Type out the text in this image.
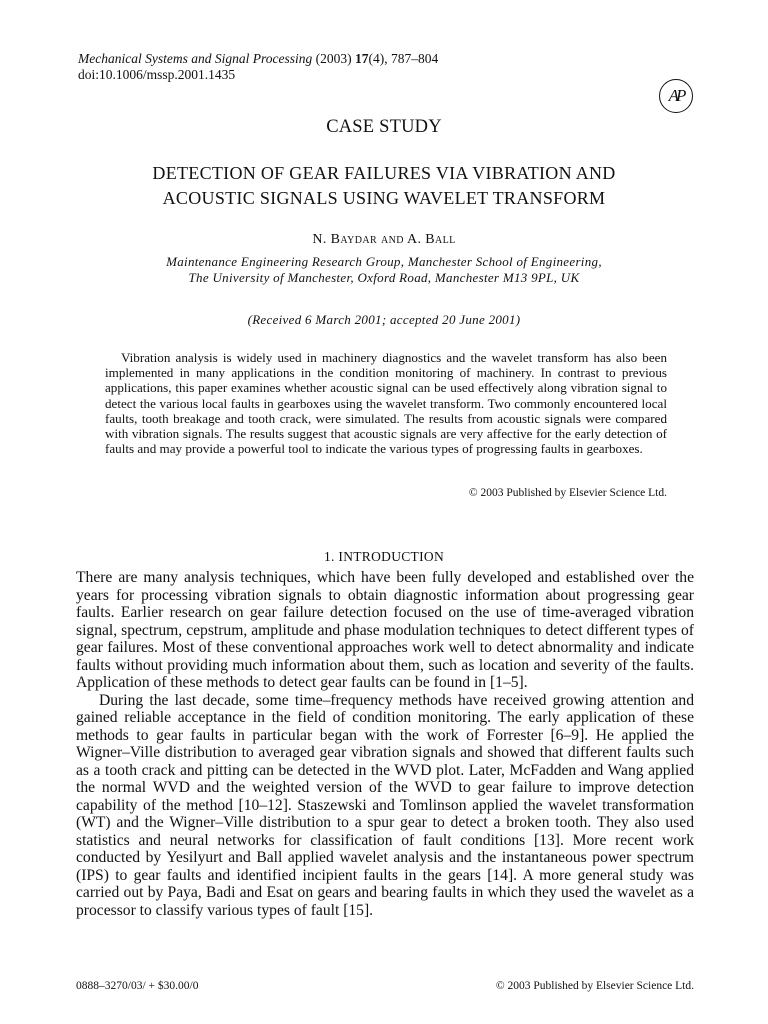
Mechanical Systems and Signal Processing (2003) 17(4), 787–804
doi:10.1006/mssp.2001.1435
AP
CASE STUDY
DETECTION OF GEAR FAILURES VIA VIBRATION AND
ACOUSTIC SIGNALS USING WAVELET TRANSFORM
N. Baydar and A. Ball
Maintenance Engineering Research Group, Manchester School of Engineering,
The University of Manchester, Oxford Road, Manchester M13 9PL, UK
(Received 6 March 2001; accepted 20 June 2001)

Vibration analysis is widely used in machinery diagnostics and the wavelet transform has also been implemented in many applications in the condition monitoring of machinery. In contrast to previous applications, this paper examines whether acoustic signal can be used effectively along vibration signal to detect the various local faults in gearboxes using the wavelet transform. Two commonly encountered local faults, tooth breakage and tooth crack, were simulated. The results from acoustic signals were compared with vibration signals. The results suggest that acoustic signals are very affective for the early detection of faults and may provide a powerful tool to indicate the various types of progressing faults in gearboxes.

© 2003 Published by Elsevier Science Ltd.
1. INTRODUCTION

There are many analysis techniques, which have been fully developed and established over the years for processing vibration signals to obtain diagnostic information about progressing gear faults. Earlier research on gear failure detection focused on the use of time-averaged vibration signal, spectrum, cepstrum, amplitude and phase modulation techniques to detect different types of gear failures. Most of these conventional approaches work well to detect abnormality and indicate faults without providing much information about them, such as location and severity of the faults. Application of these methods to detect gear faults can be found in [1–5].

During the last decade, some time–frequency methods have received growing attention and gained reliable acceptance in the field of condition monitoring. The early application of these methods to gear faults in particular began with the work of Forrester [6–9]. He applied the Wigner–Ville distribution to averaged gear vibration signals and showed that different faults such as a tooth crack and pitting can be detected in the WVD plot. Later, McFadden and Wang applied the normal WVD and the weighted version of the WVD to gear failure to improve detection capability of the method [10–12]. Staszewski and Tomlinson applied the wavelet transformation (WT) and the Wigner–Ville distribution to a spur gear to detect a broken tooth. They also used statistics and neural networks for classification of fault conditions [13]. More recent work conducted by Yesilyurt and Ball applied wavelet analysis and the instantaneous power spectrum (IPS) to gear faults and identified incipient faults in the gears [14]. A more general study was carried out by Paya, Badi and Esat on gears and bearing faults in which they used the wavelet as a processor to classify various types of fault [15].

0888–3270/03/ + $30.00/0	© 2003 Published by Elsevier Science Ltd.
